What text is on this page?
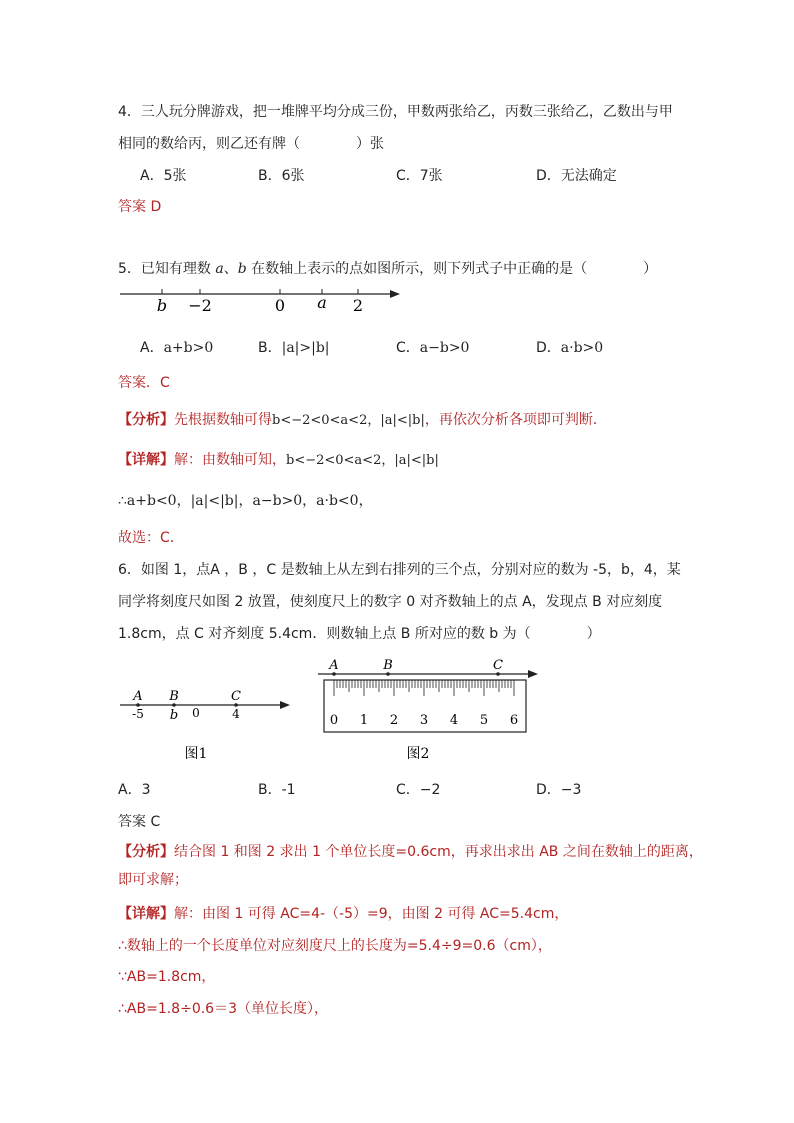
4．三人玩分牌游戏，把一堆牌平均分成三份，甲数两张给乙，丙数三张给乙，乙数出与甲
相同的数给丙，则乙还有牌（　　　　）张
A．5张	B．6张	C．7张	D．无法确定
答案 D
5．已知有理数 a、b 在数轴上表示的点如图所示，则下列式子中正确的是（　　　　）
b −2	0 a 2
A．a+b>0	B．|a|>|b|	C．a−b>0	D．a·b>0
答案．C
【分析】先根据数轴可得b<−2<0<a<2，|a|<|b|，再依次分析各项即可判断．
【详解】解：由数轴可知，b<−2<0<a<2，|a|<|b|
∴a+b<0，|a|<|b|，a−b>0，a·b<0，
故选：C．
6．如图 1，点A ，B ，C 是数轴上从左到右排列的三个点，分别对应的数为 -5，b，4，某
同学将刻度尺如图 2 放置，使刻度尺上的数字 0 对齐数轴上的点 A，发现点 B 对应刻度
1.8cm，点 C 对齐刻度 5.4cm．则数轴上点 B 所对应的数 b 为（　　　　）
A B	C
-5 b 0	4
图1
A	B	C
0 1 2 3 4 5 6
图2
A．3	B．-1	C．−2	D．−3
答案 C
【分析】结合图 1 和图 2 求出 1 个单位长度=0.6cm，再求出求出 AB 之间在数轴上的距离，
即可求解；
【详解】解：由图 1 可得 AC=4-（-5）=9，由图 2 可得 AC=5.4cm，
∴数轴上的一个长度单位对应刻度尺上的长度为=5.4÷9=0.6（cm），
∵AB=1.8cm，
∴AB=1.8÷0.6＝3（单位长度），
